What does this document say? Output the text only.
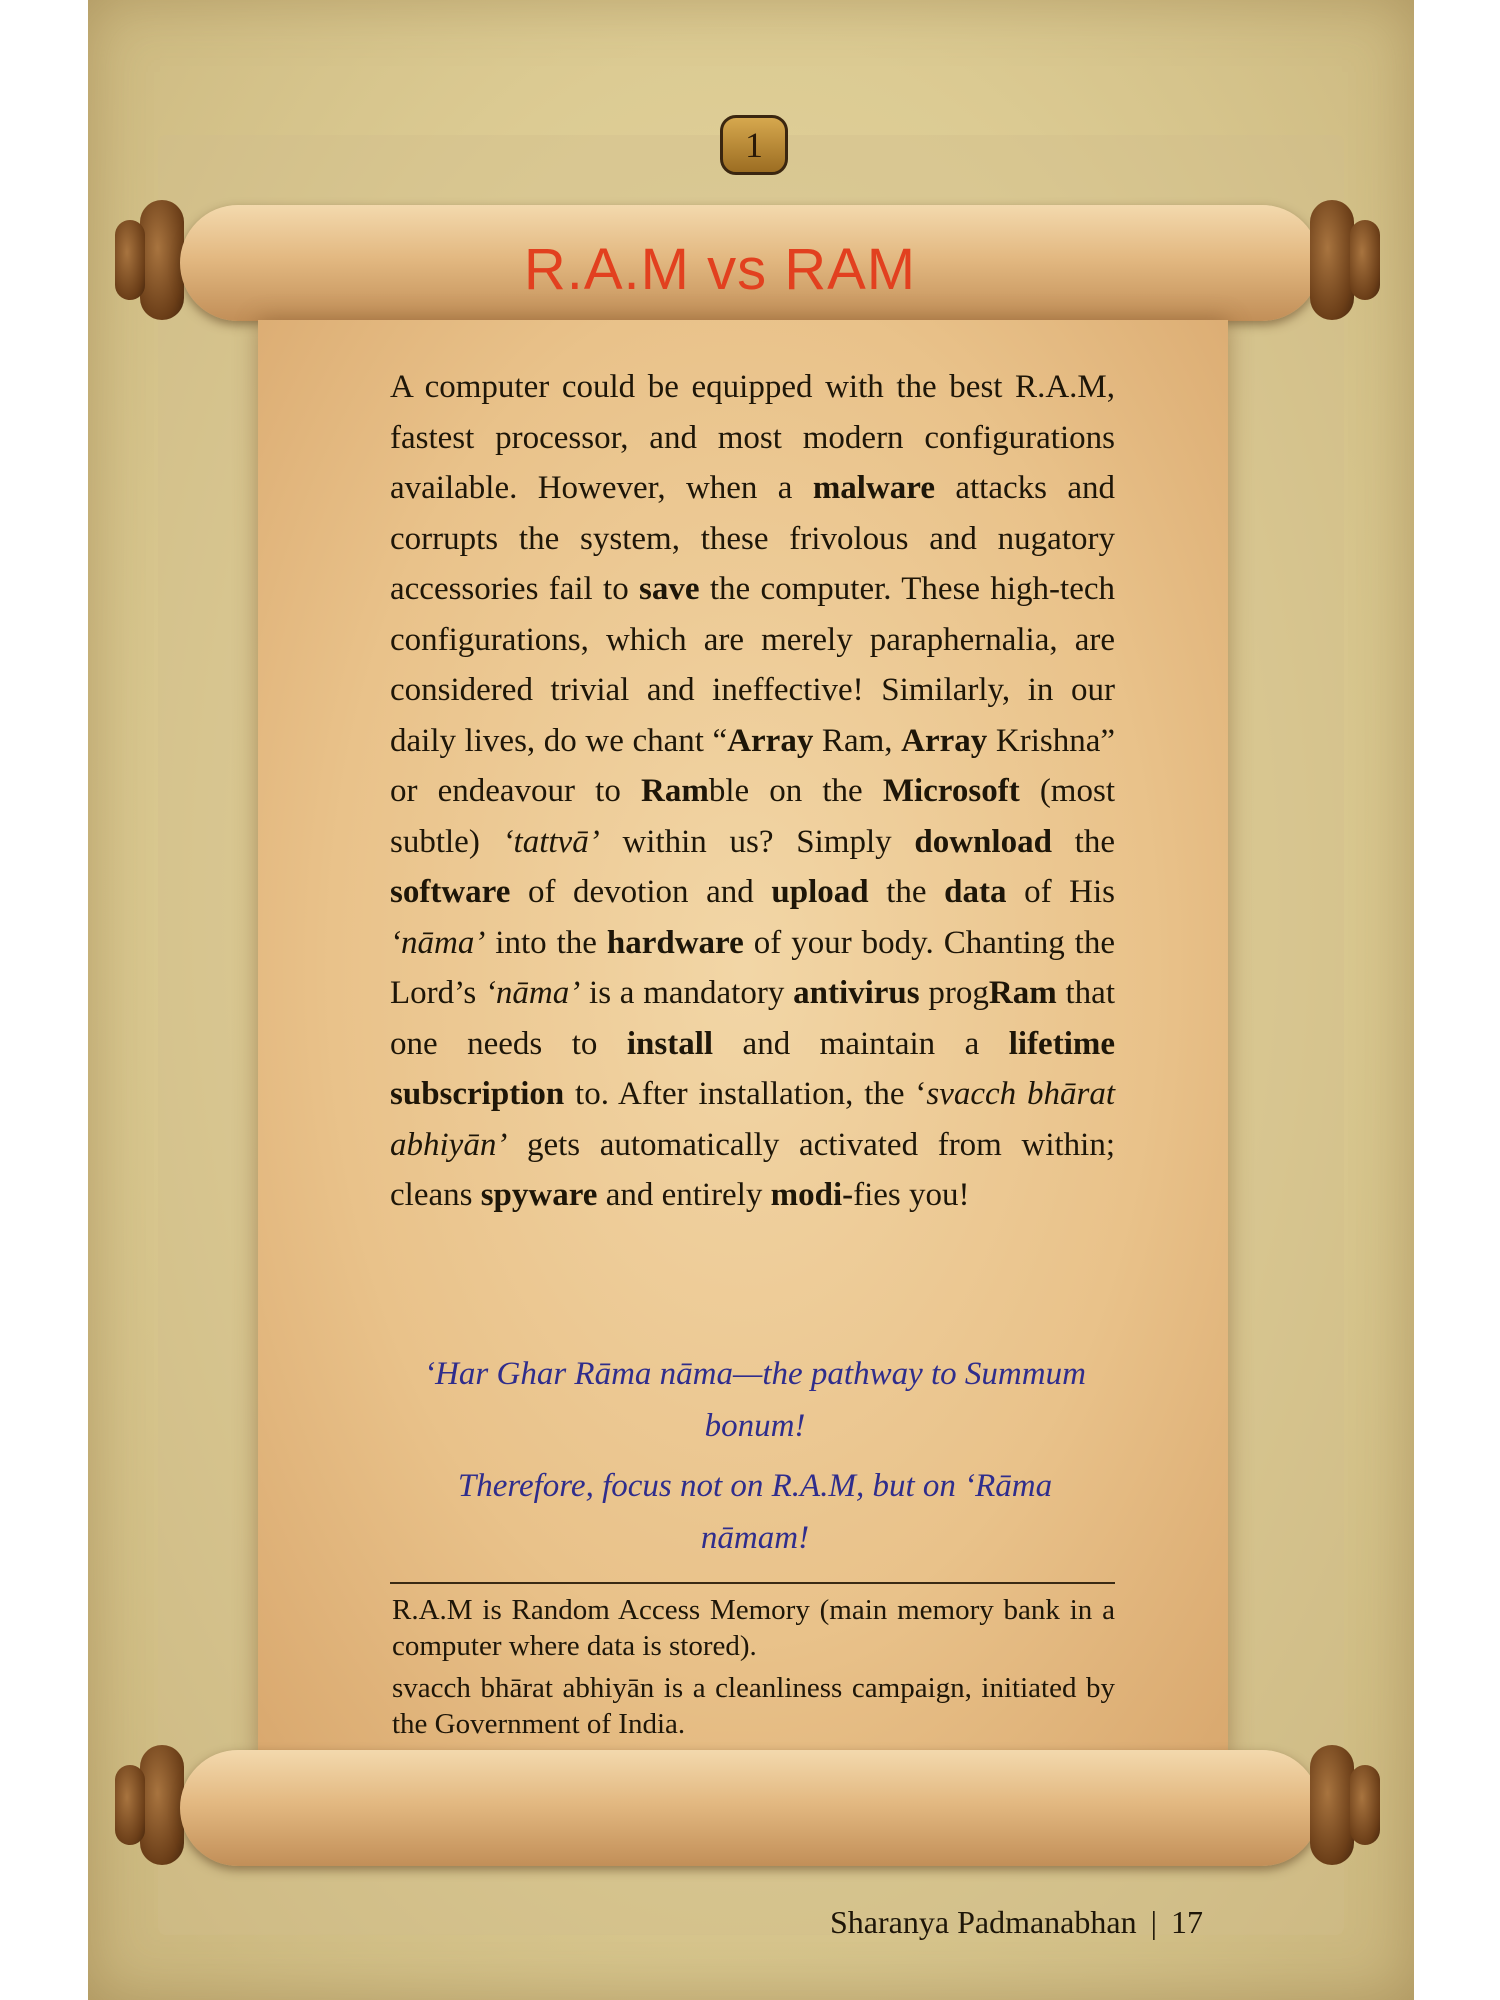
1
R.A.M vs RAM
A computer could be equipped with the best R.A.M, fastest processor, and most modern configurations available. However, when a malware attacks and corrupts the system, these frivolous and nugatory accessories fail to save the computer. These high-tech configurations, which are merely paraphernalia, are considered trivial and ineffective! Similarly, in our daily lives, do we chant “Array Ram, Array Krishna” or endeavour to Ramble on the Microsoft (most subtle) ‘tattvā’ within us? Simply download the software of devotion and upload the data of His ‘nāma’ into the hardware of your body. Chanting the Lord’s ‘nāma’ is a mandatory antivirus progRam that one needs to install and maintain a lifetime subscription to. After installation, the ‘svacch bhārat abhiyān’ gets automatically activated from within; cleans spyware and entirely modi-fies you!

‘Har Ghar Rāma nāma—the pathway to Summum bonum!

Therefore, focus not on R.A.M, but on ‘Rāma nāmam!

R.A.M is Random Access Memory (main memory bank in a computer where data is stored).

svacch bhārat abhiyān is a cleanliness campaign, initiated by the Government of India.

Sharanya Padmanabhan | 17
